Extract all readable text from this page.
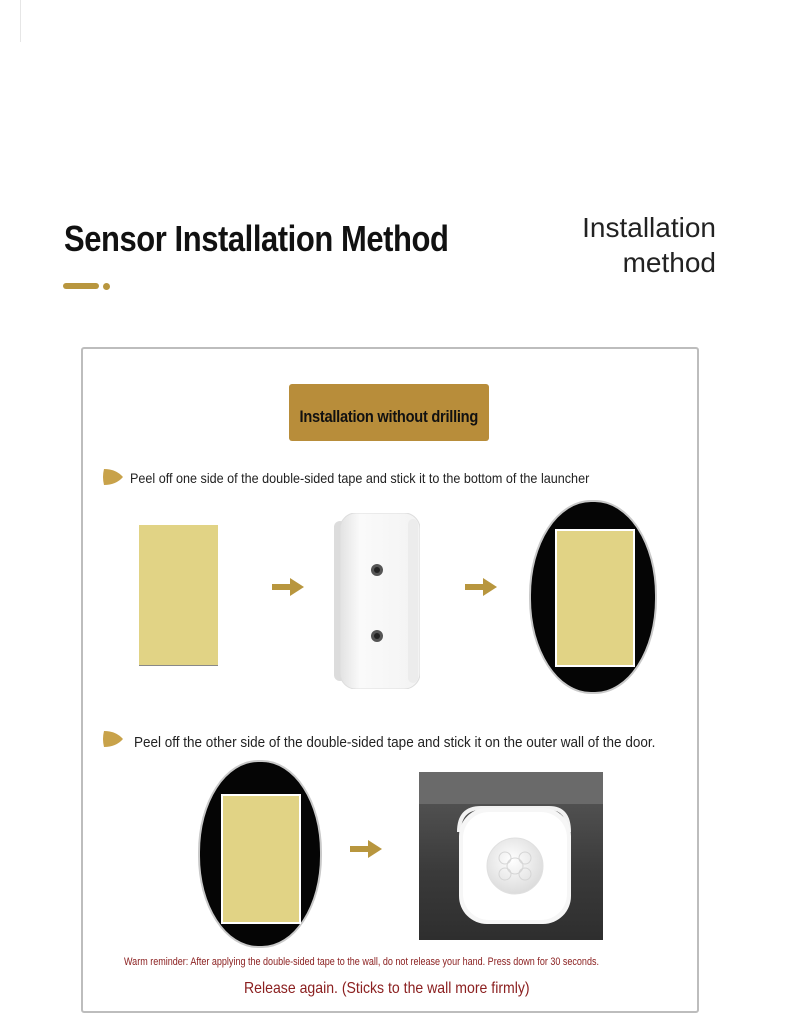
Sensor Installation Method	Installation
method
Installation without drilling
Peel off one side of the double-sided tape and stick it to the bottom of the launcher
Peel off the other side of the double-sided tape and stick it on the outer wall of the door.
Warm reminder: After applying the double-sided tape to the wall, do not release your hand. Press down for 30 seconds.
Release again. (Sticks to the wall more firmly)
